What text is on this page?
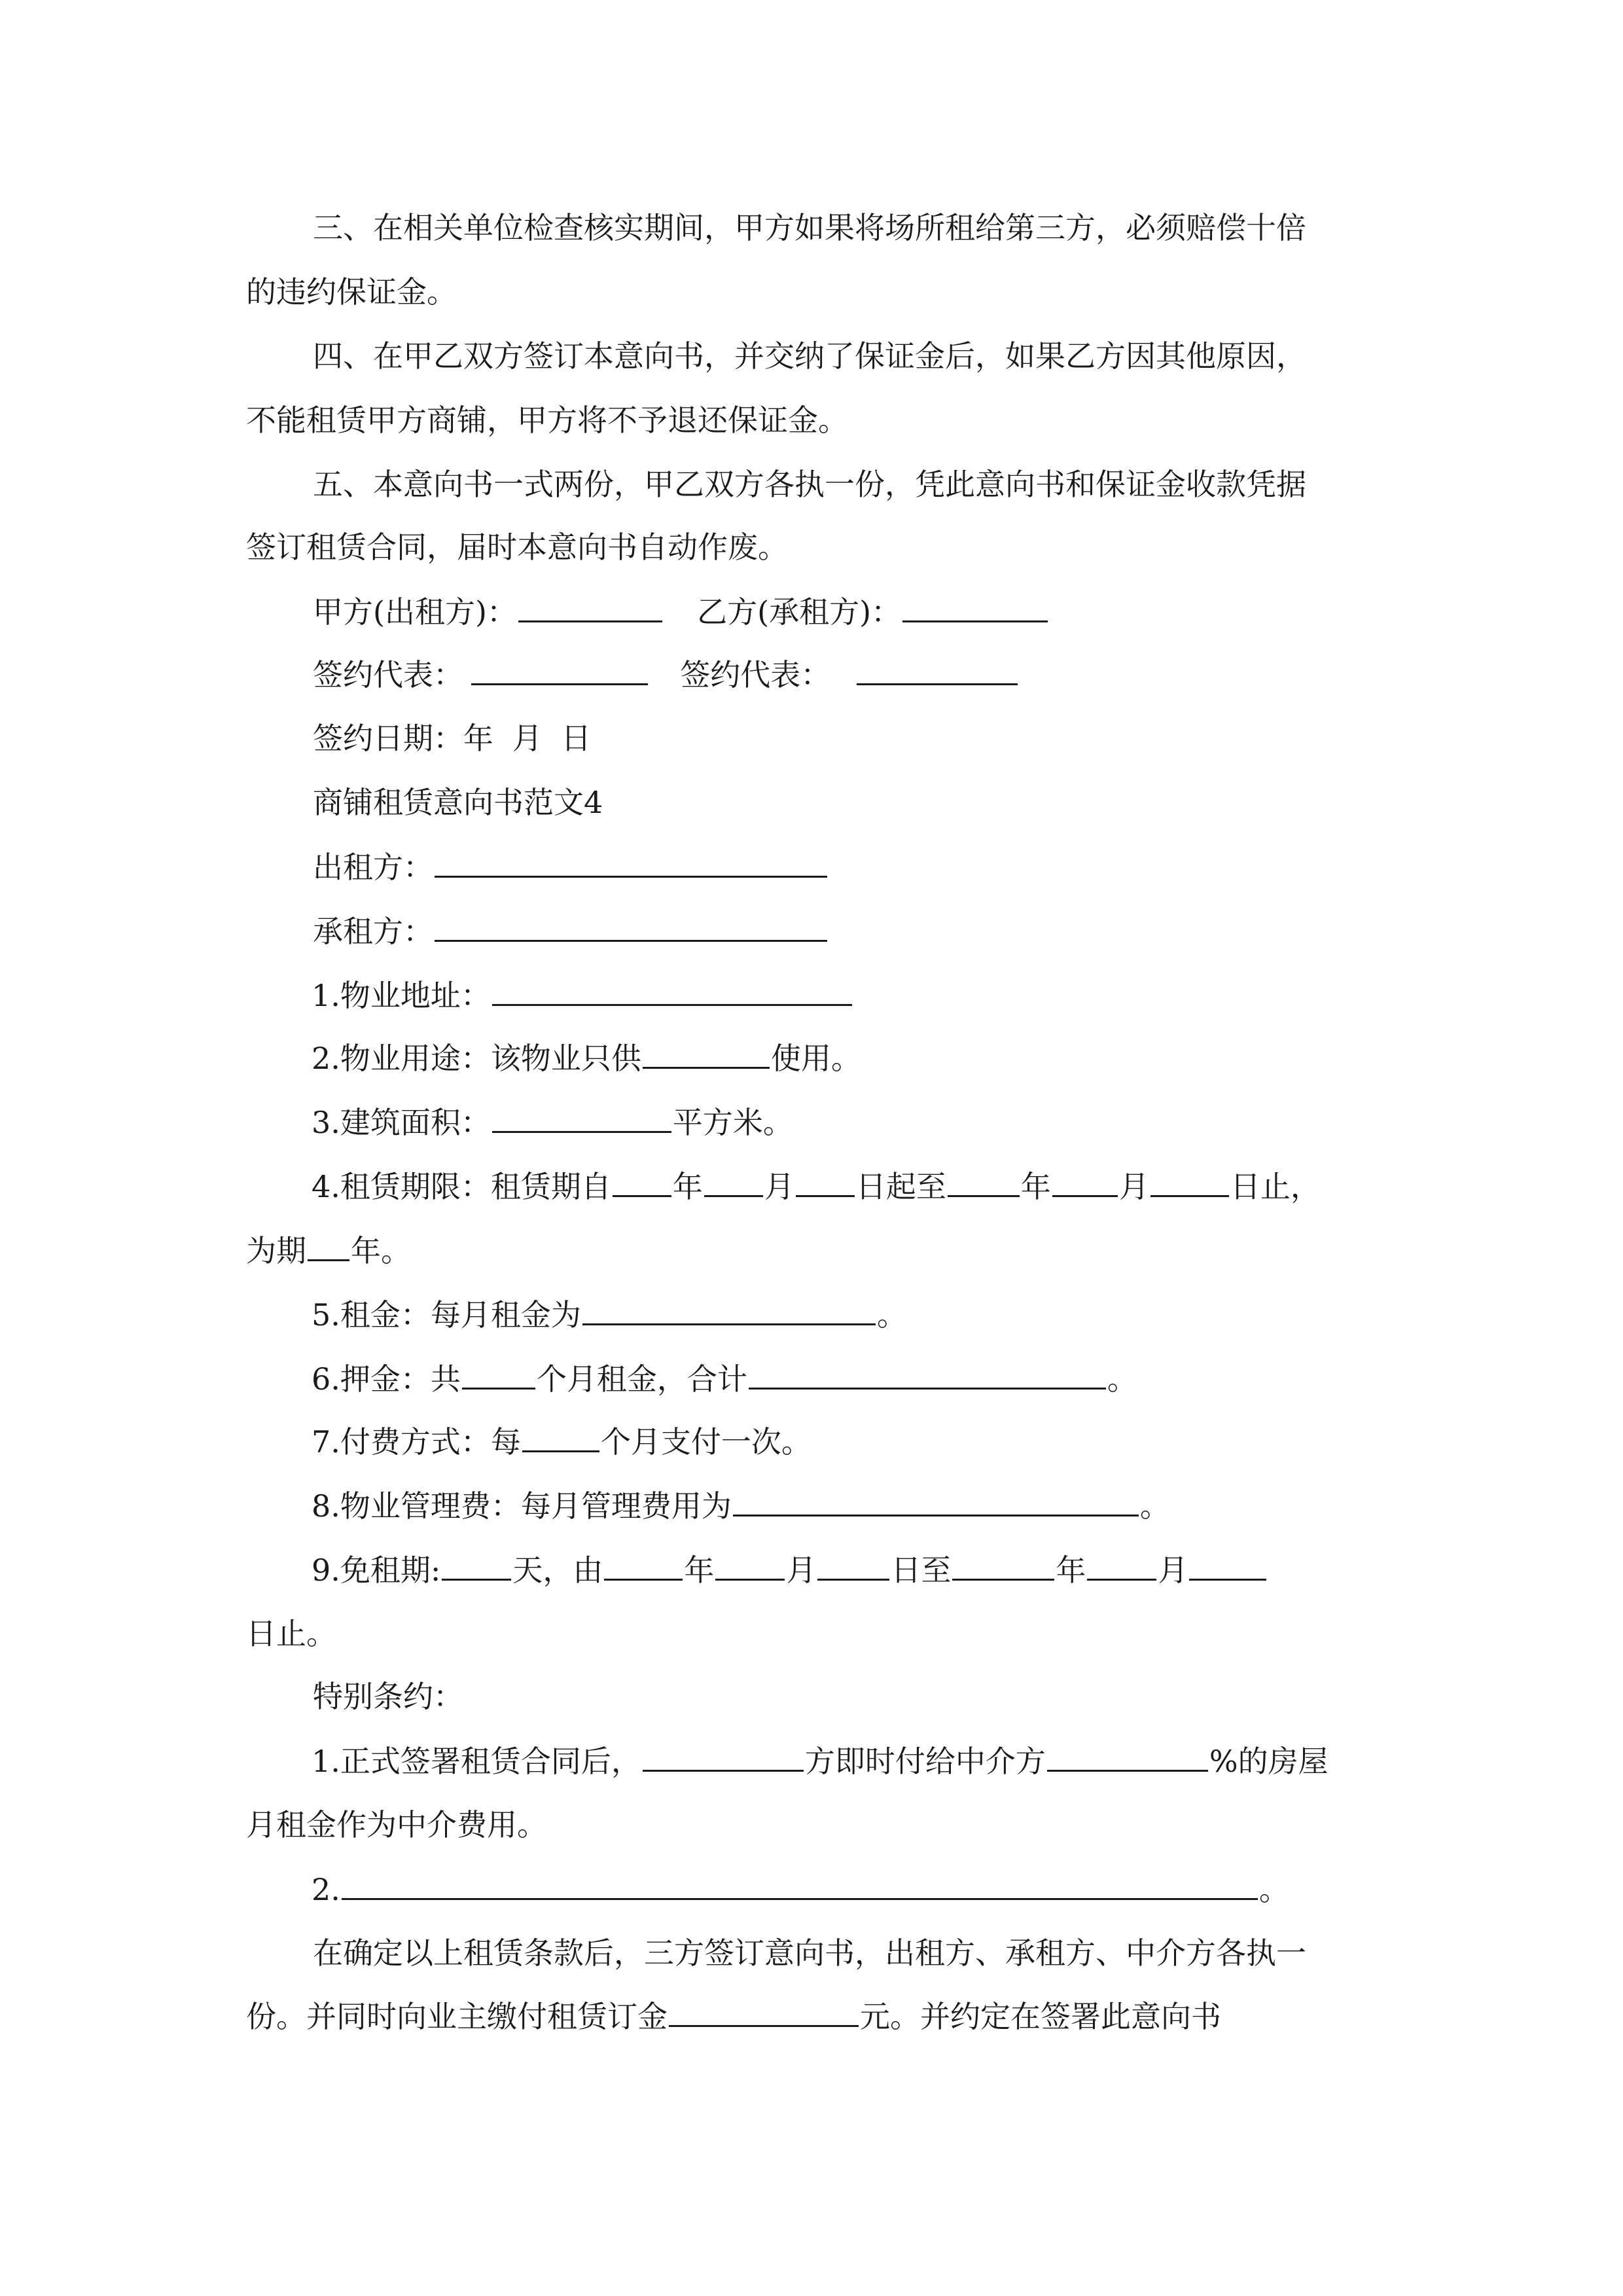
三、在相关单位检查核实期间，甲方如果将场所租给第三方，必须赔偿十倍
的违约保证金。
四、在甲乙双方签订本意向书，并交纳了保证金后，如果乙方因其他原因，
不能租赁甲方商铺，甲方将不予退还保证金。
五、本意向书一式两份，甲乙双方各执一份，凭此意向书和保证金收款凭据
签订租赁合同，届时本意向书自动作废。
甲方(出租方)：	乙方(承租方)：
签约代表：	签约代表：
签约日期：年 月 日
商铺租赁意向书范文4
出租方：
承租方：
1.物业地址：
2.物业用途：该物业只供	使用。
3.建筑面积：	平方米。
4.租赁期限：租赁期自 年 月 日起至 年 月	日止，
为期 年。
5.租金：每月租金为	。
6.押金：共	个月租金，合计	。
7.付费方式：每	个月支付一次。
8.物业管理费：每月管理费用为	。
9.免租期: 天，由	年 月 日至	年 月
日止。
特别条约：
1.正式签署租赁合同后，	方即时付给中介方	%的房屋
月租金作为中介费用。
2.	。
在确定以上租赁条款后，三方签订意向书，出租方、承租方、中介方各执一
份。并同时向业主缴付租赁订金	元。并约定在签署此意向书
